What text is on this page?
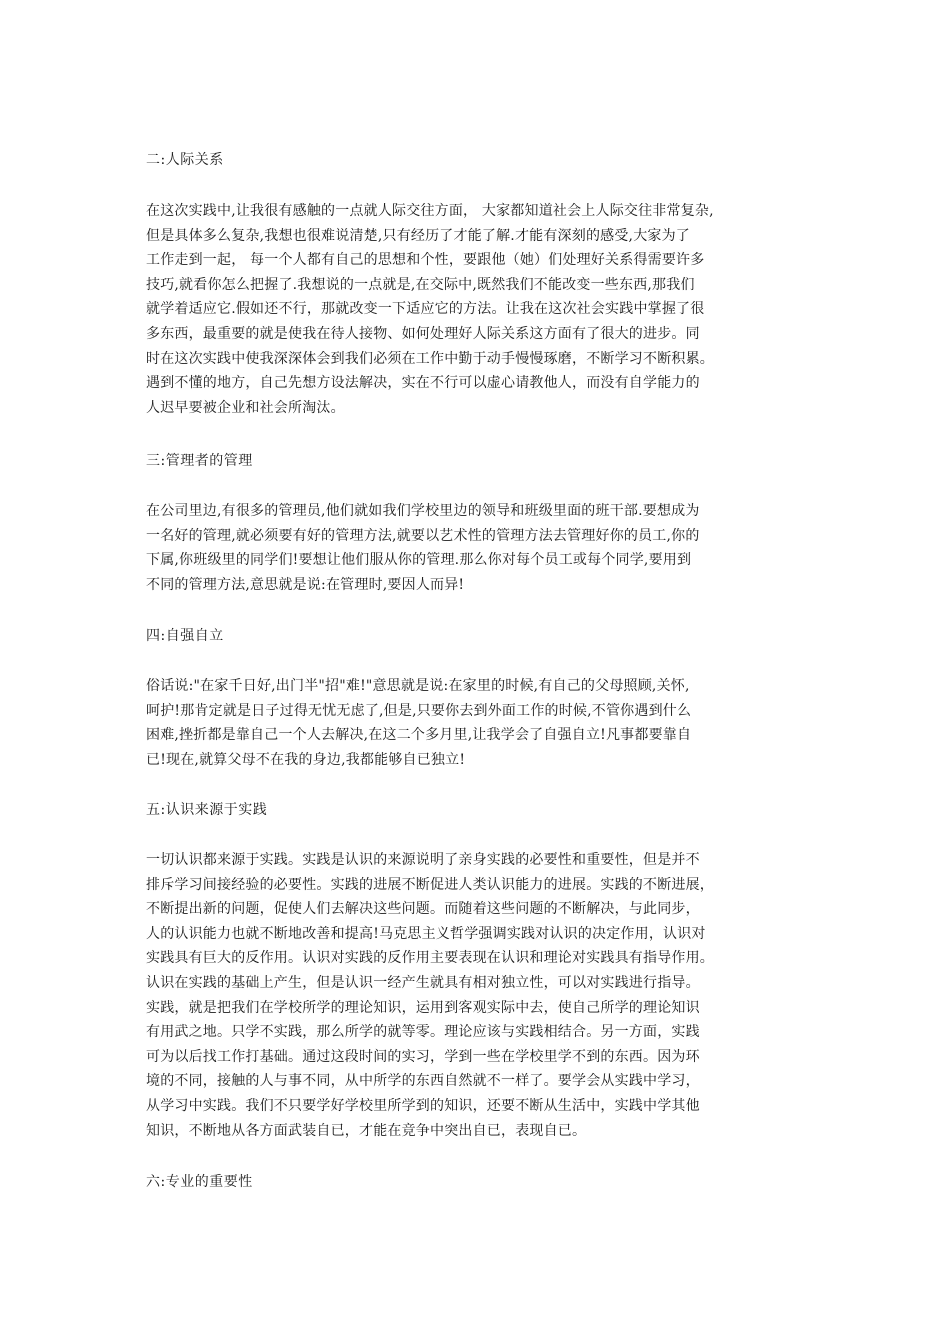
二:人际关系
在这次实践中,让我很有感触的一点就人际交往方面， 大家都知道社会上人际交往非常复杂,
但是具体多么复杂,我想也很难说清楚,只有经历了才能了解.才能有深刻的感受,大家为了
工作走到一起， 每一个人都有自己的思想和个性，要跟他（她）们处理好关系得需要许多
技巧,就看你怎么把握了.我想说的一点就是,在交际中,既然我们不能改变一些东西,那我们
就学着适应它.假如还不行，那就改变一下适应它的方法。让我在这次社会实践中掌握了很
多东西，最重要的就是使我在待人接物、如何处理好人际关系这方面有了很大的进步。同
时在这次实践中使我深深体会到我们必须在工作中勤于动手慢慢琢磨，不断学习不断积累。
遇到不懂的地方，自己先想方设法解决，实在不行可以虚心请教他人，而没有自学能力的
人迟早要被企业和社会所淘汰。
三:管理者的管理
在公司里边,有很多的管理员,他们就如我们学校里边的领导和班级里面的班干部.要想成为
一名好的管理,就必须要有好的管理方法,就要以艺术性的管理方法去管理好你的员工,你的
下属,你班级里的同学们!要想让他们服从你的管理.那么你对每个员工或每个同学,要用到
不同的管理方法,意思就是说:在管理时,要因人而异!
四:自强自立
俗话说:"在家千日好,出门半"招"难!"意思就是说:在家里的时候,有自己的父母照顾,关怀,
呵护!那肯定就是日子过得无忧无虑了,但是,只要你去到外面工作的时候,不管你遇到什么
困难,挫折都是靠自己一个人去解决,在这二个多月里,让我学会了自强自立!凡事都要靠自
已!现在,就算父母不在我的身边,我都能够自已独立!
五:认识来源于实践
一切认识都来源于实践。实践是认识的来源说明了亲身实践的必要性和重要性，但是并不
排斥学习间接经验的必要性。实践的进展不断促进人类认识能力的进展。实践的不断进展，
不断提出新的问题，促使人们去解决这些问题。而随着这些问题的不断解决，与此同步，
人的认识能力也就不断地改善和提高!马克思主义哲学强调实践对认识的决定作用，认识对
实践具有巨大的反作用。认识对实践的反作用主要表现在认识和理论对实践具有指导作用。
认识在实践的基础上产生，但是认识一经产生就具有相对独立性，可以对实践进行指导。
实践，就是把我们在学校所学的理论知识，运用到客观实际中去，使自己所学的理论知识
有用武之地。只学不实践，那么所学的就等零。理论应该与实践相结合。另一方面，实践
可为以后找工作打基础。通过这段时间的实习，学到一些在学校里学不到的东西。因为环
境的不同，接触的人与事不同，从中所学的东西自然就不一样了。要学会从实践中学习，
从学习中实践。我们不只要学好学校里所学到的知识，还要不断从生活中，实践中学其他
知识，不断地从各方面武装自已，才能在竞争中突出自已，表现自已。
六:专业的重要性
